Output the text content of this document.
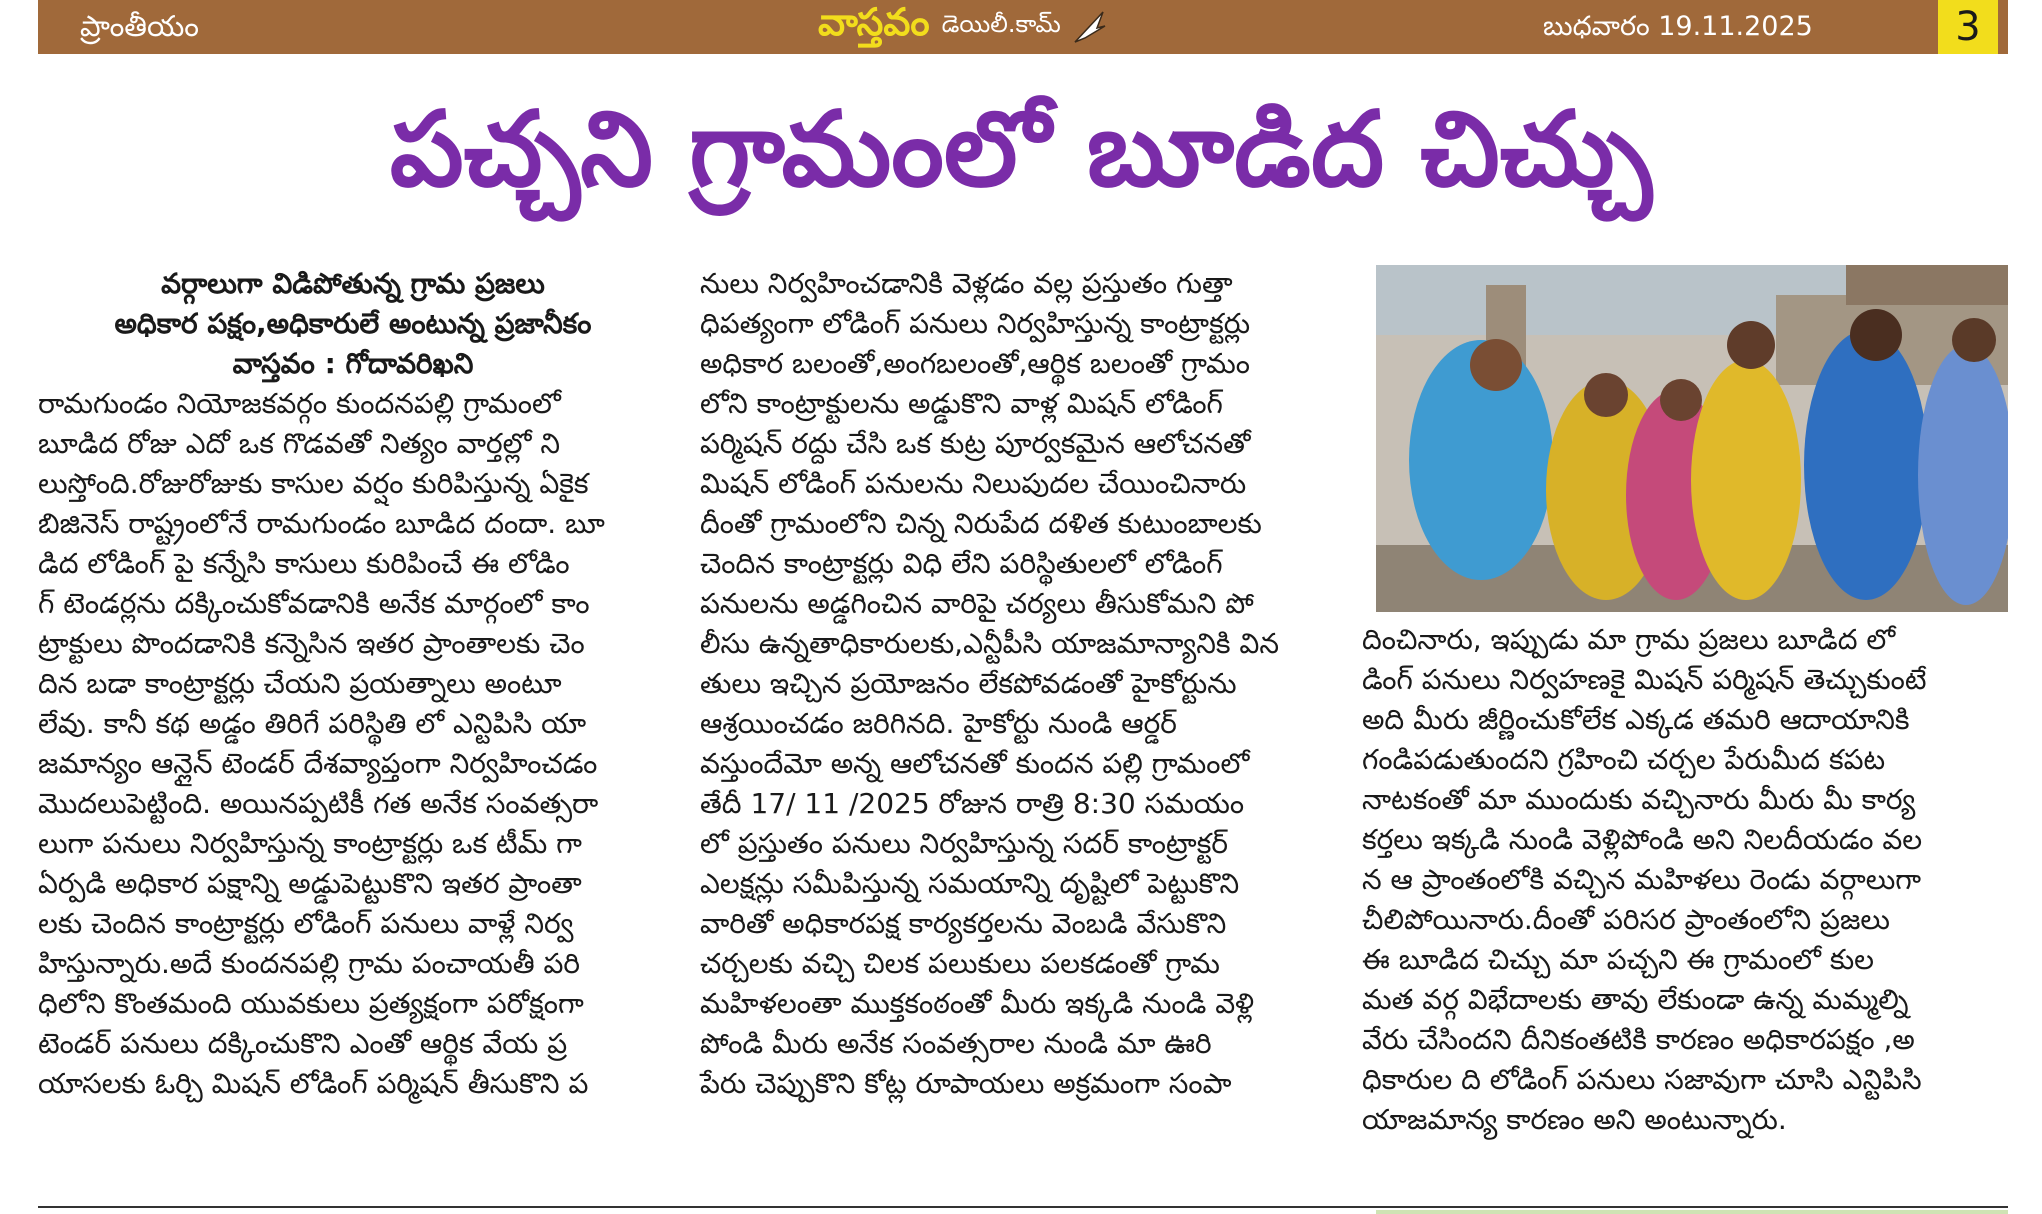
ప్రాంతీయం	వాస్తవం డెయిలీ.కామ్	బుధవారం 19.11.2025	3
పచ్చని గ్రామంలో బూడిద చిచ్చు

వర్గాలుగా విడిపోతున్న గ్రామ ప్రజలు

అధికార పక్షం,అధికారులే అంటున్న ప్రజానీకం

వాస్తవం : గోదావరిఖని

రామగుండం నియోజకవర్గం కుందనపల్లి గ్రామంలో

బూడిద రోజు ఎదో ఒక గొడవతో నిత్యం వార్తల్లో ని

లుస్తోంది.రోజురోజుకు కాసుల వర్షం కురిపిస్తున్న ఏకైక

బిజినెస్ రాష్ట్రంలోనే రామగుండం బూడిద దందా. బూ

డిద లోడింగ్ పై కన్నేసి కాసులు కురిపించే ఈ లోడిం

గ్ టెండర్లను దక్కించుకోవడానికి అనేక మార్గంలో కాం

ట్రాక్టులు పొందడానికి కన్నెసిన ఇతర ప్రాంతాలకు చెం

దిన బడా కాంట్రాక్టర్లు చేయని ప్రయత్నాలు అంటూ

లేవు. కానీ కథ అడ్డం తిరిగే పరిస్థితి లో ఎన్టిపిసి యా

జమాన్యం ఆన్లైన్ టెండర్ దేశవ్యాప్తంగా నిర్వహించడం

మొదలుపెట్టింది. అయినప్పటికీ గత అనేక సంవత్సరా

లుగా పనులు నిర్వహిస్తున్న కాంట్రాక్టర్లు ఒక టీమ్ గా

ఏర్పడి అధికార పక్షాన్ని అడ్డుపెట్టుకొని ఇతర ప్రాంతా

లకు చెందిన కాంట్రాక్టర్లు లోడింగ్ పనులు వాళ్లే నిర్వ

హిస్తున్నారు.అదే కుందనపల్లి గ్రామ పంచాయతీ పరి

ధిలోని కొంతమంది యువకులు ప్రత్యక్షంగా పరోక్షంగా

టెండర్ పనులు దక్కించుకొని ఎంతో ఆర్థిక వేయ ప్ర

యాసలకు ఓర్చి మిషన్ లోడింగ్ పర్మిషన్ తీసుకొని ప

నులు నిర్వహించడానికి వెళ్లడం వల్ల ప్రస్తుతం గుత్తా

ధిపత్యంగా లోడింగ్ పనులు నిర్వహిస్తున్న కాంట్రాక్టర్లు

అధికార బలంతో,అంగబలంతో,ఆర్థిక బలంతో గ్రామం

లోని కాంట్రాక్టులను అడ్డుకొని వాళ్ల మిషన్ లోడింగ్

పర్మిషన్ రద్దు చేసి ఒక కుట్ర పూర్వకమైన ఆలోచనతో

మిషన్ లోడింగ్ పనులను నిలుపుదల చేయించినారు

దీంతో గ్రామంలోని చిన్న నిరుపేద దళిత కుటుంబాలకు

చెందిన కాంట్రాక్టర్లు విధి లేని పరిస్థితులలో లోడింగ్

పనులను అడ్డగించిన వారిపై చర్యలు తీసుకోమని పో

లీసు ఉన్నతాధికారులకు,ఎన్టీపీసి యాజమాన్యానికి విన

తులు ఇచ్చిన ప్రయోజనం లేకపోవడంతో హైకోర్టును

ఆశ్రయించడం జరిగినది. హైకోర్టు నుండి ఆర్డర్

వస్తుందేమో అన్న ఆలోచనతో కుందన పల్లి గ్రామంలో

తేదీ 17/ 11 /2025 రోజున రాత్రి 8:30 సమయం

లో ప్రస్తుతం పనులు నిర్వహిస్తున్న సదర్ కాంట్రాక్టర్

ఎలక్షన్లు సమీపిస్తున్న సమయాన్ని దృష్టిలో పెట్టుకొని

వారితో అధికారపక్ష కార్యకర్తలను వెంబడి వేసుకొని

చర్చలకు వచ్చి చిలక పలుకులు పలకడంతో గ్రామ

మహిళలంతా ముక్తకంఠంతో మీరు ఇక్కడి నుండి వెళ్లి

పోండి మీరు అనేక సంవత్సరాల నుండి మా ఊరి

పేరు చెప్పుకొని కోట్ల రూపాయలు అక్రమంగా సంపా

దించినారు, ఇప్పుడు మా గ్రామ ప్రజలు బూడిద లో

డింగ్ పనులు నిర్వహణకై మిషన్ పర్మిషన్ తెచ్చుకుంటే

అది మీరు జీర్ణించుకోలేక ఎక్కడ తమరి ఆదాయానికి

గండిపడుతుందని గ్రహించి చర్చల పేరుమీద కపట

నాటకంతో మా ముందుకు వచ్చినారు మీరు మీ కార్య

కర్తలు ఇక్కడి నుండి వెళ్లిపోండి అని నిలదీయడం వల

న ఆ ప్రాంతంలోకి వచ్చిన మహిళలు రెండు వర్గాలుగా

చీలిపోయినారు.దీంతో పరిసర ప్రాంతంలోని ప్రజలు

ఈ బూడిద చిచ్చు మా పచ్చని ఈ గ్రామంలో కుల

మత వర్గ విభేదాలకు తావు లేకుండా ఉన్న మమ్మల్ని

వేరు చేసిందని దీనికంతటికి కారణం అధికారపక్షం ,అ

ధికారుల ది లోడింగ్ పనులు సజావుగా చూసి ఎన్టిపిసి

యాజమాన్య కారణం అని అంటున్నారు.
